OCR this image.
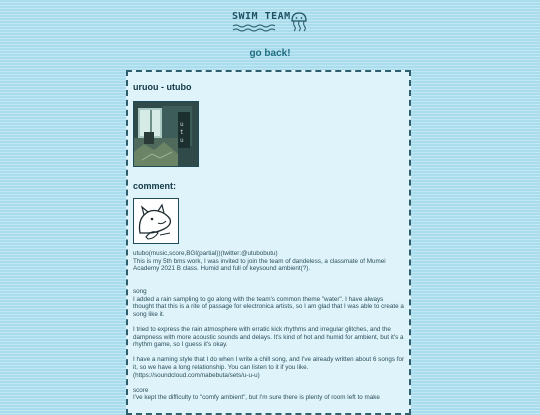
SWIM TEAM
go back!
uruou - utubo
u
t
u
comment:

utubo(music,score,BGI(partial))(twitter:@utubobutu)

This is my 5th bms work, I was invited to join the team of dandeless, a classmate of Mumei Academy 2021 B class. Humid and full of keysound ambient(?).

song

I added a rain sampling to go along with the team's common theme "water". I have always thought that this is a rite of passage for electronica artists, so I am glad that I was able to create a song like it.

I tried to express the rain atmosphere with erratic kick rhythms and irregular glitches, and the dampness with more acoustic sounds and delays. It's kind of hot and humid for ambient, but it's a rhythm game, so I guess it's okay.

I have a naming style that I do when I write a chill song, and I've already written about 6 songs for it, so we have a long relationship. You can listen to it if you like. (https://soundcloud.com/nabebuta/sets/u-u-u)

score

I've kept the difficulty to "comfy ambient", but I'm sure there is plenty of room left to make
